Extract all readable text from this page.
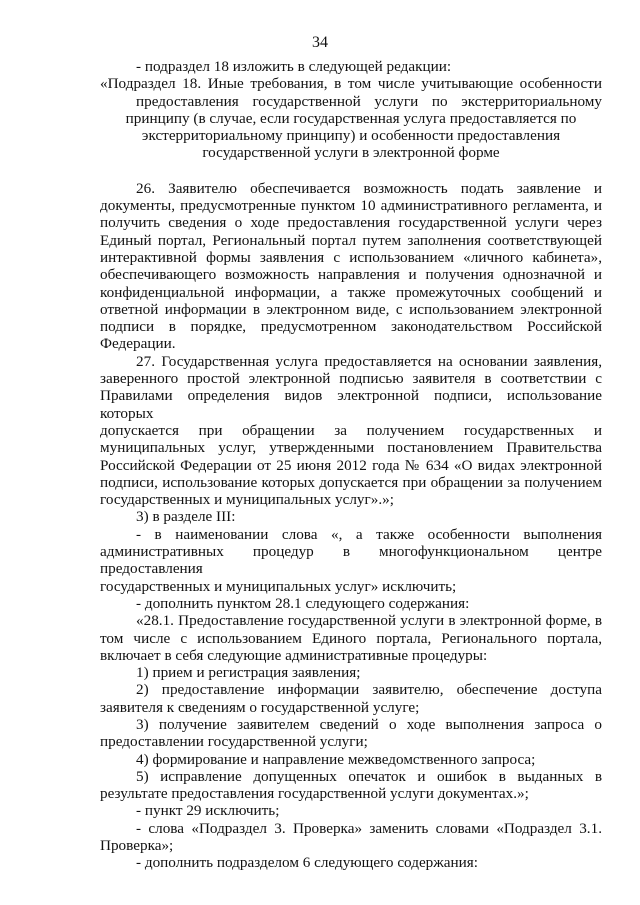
34
- подраздел 18 изложить в следующей редакции:
«Подраздел 18. Иные требования, в том числе учитывающие особенности
предоставления государственной услуги по экстерриториальному
принципу (в случае, если государственная услуга предоставляется по
экстерриториальному принципу) и особенности предоставления
государственной услуги в электронной форме
26. Заявителю обеспечивается возможность подать заявление и
документы, предусмотренные пунктом 10 административного регламента, и
получить сведения о ходе предоставления государственной услуги через
Единый портал, Региональный портал путем заполнения соответствующей
интерактивной формы заявления с использованием «личного кабинета»,
обеспечивающего возможность направления и получения однозначной и
конфиденциальной информации, а также промежуточных сообщений и
ответной информации в электронном виде, с использованием электронной
подписи в порядке, предусмотренном законодательством Российской
Федерации.
27. Государственная услуга предоставляется на основании заявления,
заверенного простой электронной подписью заявителя в соответствии с
Правилами определения видов электронной подписи, использование которых
допускается при обращении за получением государственных и
муниципальных услуг, утвержденными постановлением Правительства
Российской Федерации от 25 июня 2012 года № 634 «О видах электронной
подписи, использование которых допускается при обращении за получением
государственных и муниципальных услуг».»;
3) в разделе III:
- в наименовании слова «, а также особенности выполнения
административных процедур в многофункциональном центре предоставления
государственных и муниципальных услуг» исключить;
- дополнить пунктом 28.1 следующего содержания:
«28.1. Предоставление государственной услуги в электронной форме, в
том числе с использованием Единого портала, Регионального портала,
включает в себя следующие административные процедуры:
1) прием и регистрация заявления;
2) предоставление информации заявителю, обеспечение доступа
заявителя к сведениям о государственной услуге;
3) получение заявителем сведений о ходе выполнения запроса о
предоставлении государственной услуги;
4) формирование и направление межведомственного запроса;
5) исправление допущенных опечаток и ошибок в выданных в
результате предоставления государственной услуги документах.»;
- пункт 29 исключить;
- слова «Подраздел 3. Проверка» заменить словами «Подраздел 3.1.
Проверка»;
- дополнить подразделом 6 следующего содержания:
